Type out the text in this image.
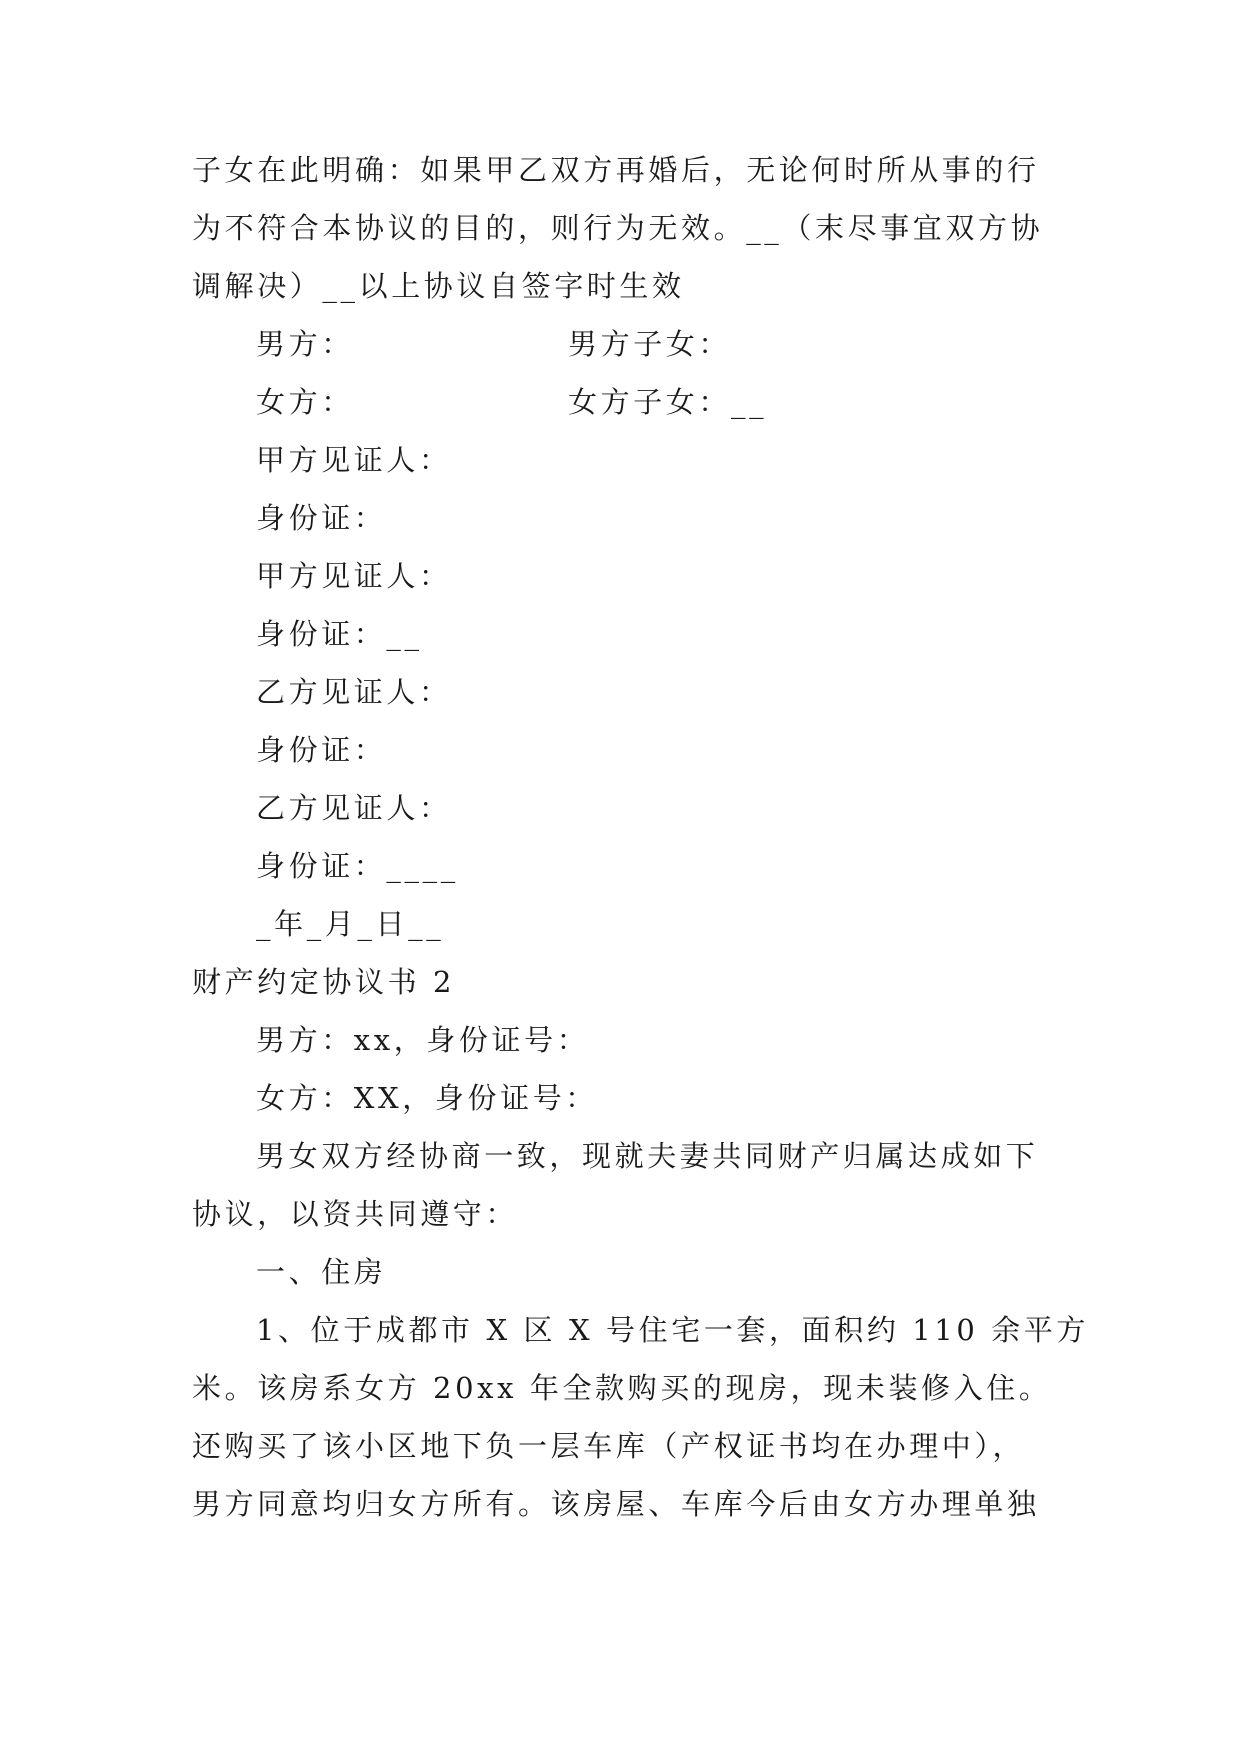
子女在此明确：如果甲乙双方再婚后，无论何时所从事的行
为不符合本协议的目的，则行为无效。__（末尽事宜双方协
调解决）__以上协议自签字时生效
男方：	男方子女：
女方：	女方子女：__
甲方见证人：
身份证：
甲方见证人：
身份证：__
乙方见证人：
身份证：
乙方见证人：
身份证：____
_年_月_日__
财产约定协议书 2
男方：xx，身份证号：
女方：XX，身份证号：
男女双方经协商一致，现就夫妻共同财产归属达成如下
协议，以资共同遵守：
一、住房
1、位于成都市 X 区 X 号住宅一套，面积约 110 余平方
米。该房系女方 20xx 年全款购买的现房，现未装修入住。
还购买了该小区地下负一层车库（产权证书均在办理中），
男方同意均归女方所有。该房屋、车库今后由女方办理单独
